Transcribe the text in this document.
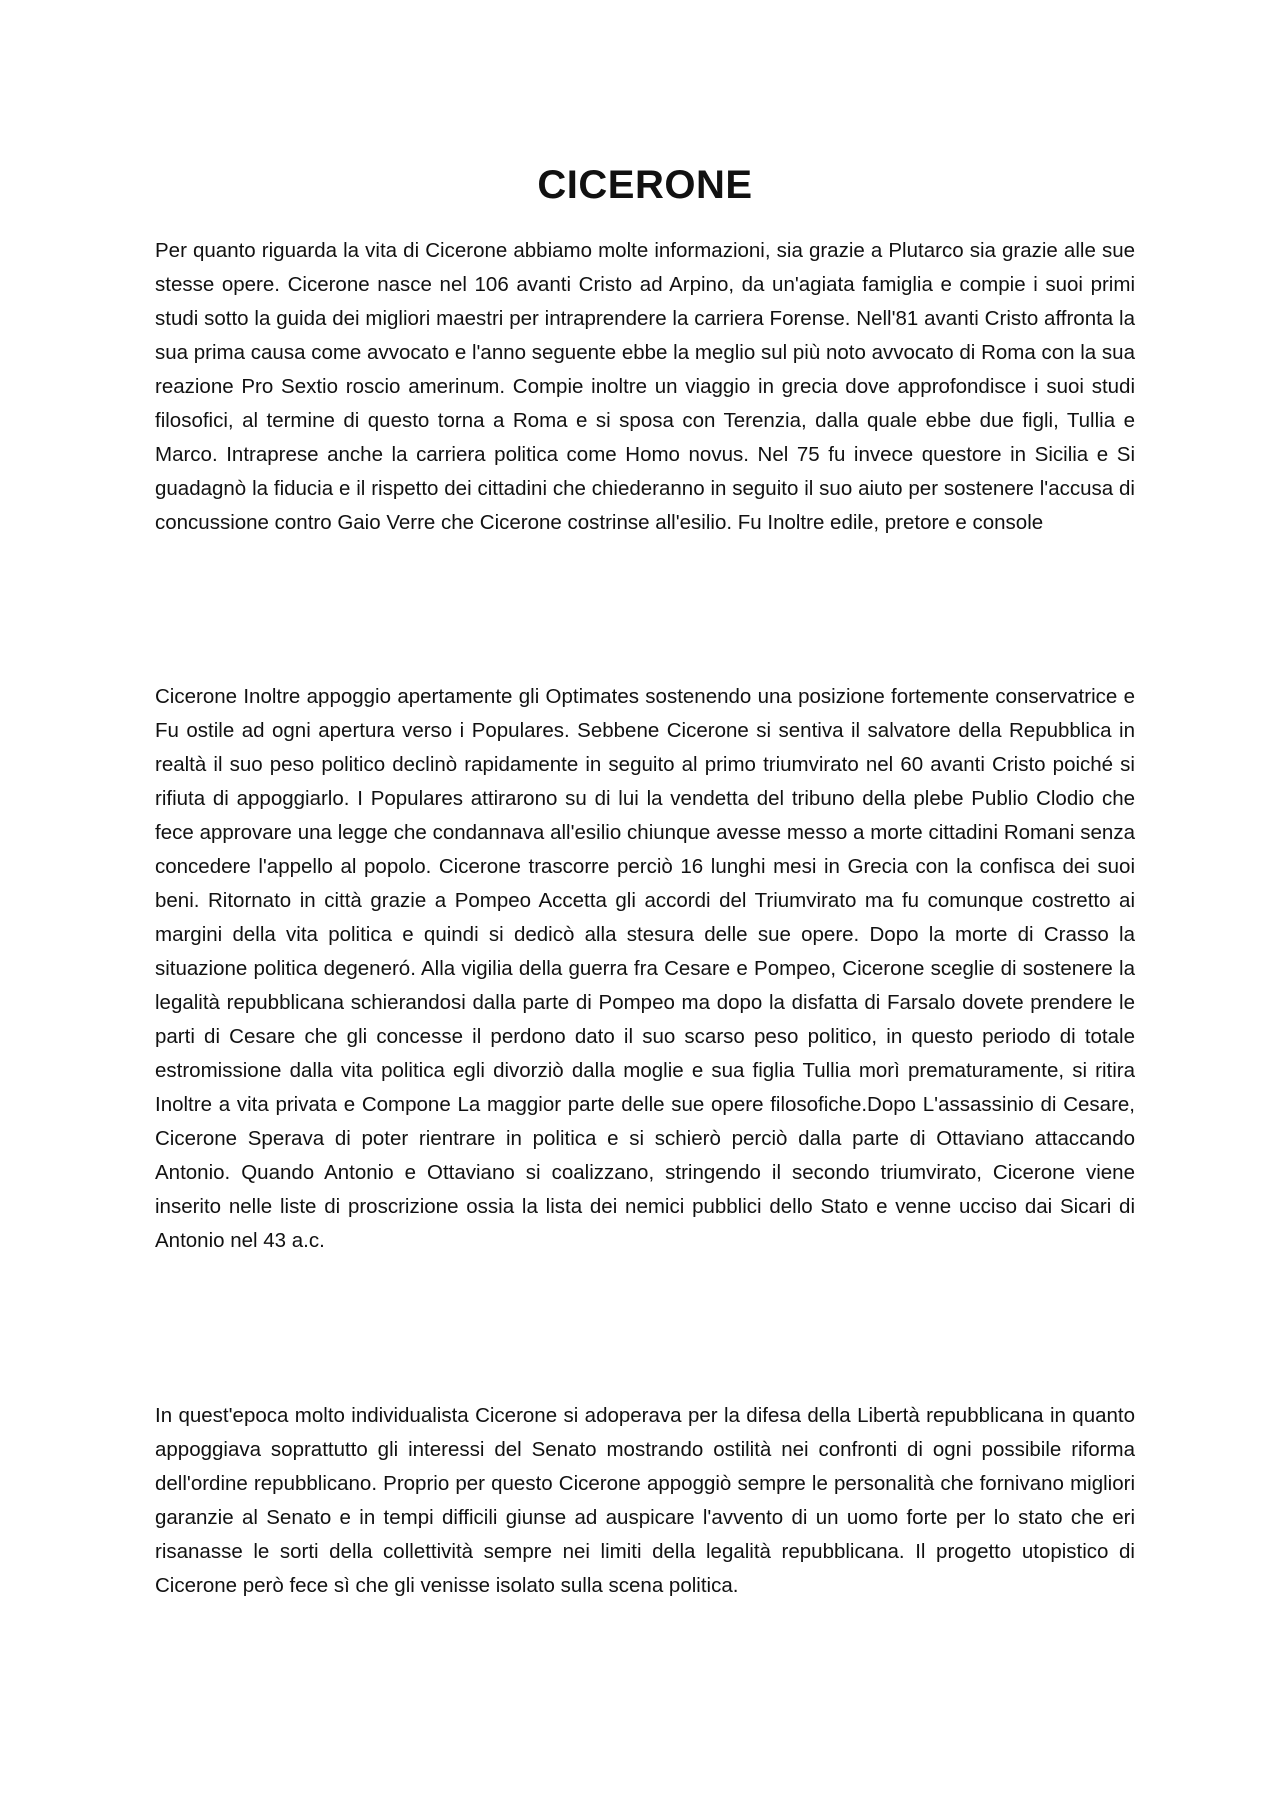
CICERONE

Per quanto riguarda la vita di Cicerone abbiamo molte informazioni, sia grazie a Plutarco sia grazie alle sue stesse opere. Cicerone nasce nel 106 avanti Cristo ad Arpino, da un'agiata famiglia e compie i suoi primi studi sotto la guida dei migliori maestri per intraprendere la carriera Forense. Nell'81 avanti Cristo affronta la sua prima causa come avvocato e l'anno seguente ebbe la meglio sul più noto avvocato di Roma con la sua reazione Pro Sextio roscio amerinum. Compie inoltre un viaggio in grecia dove approfondisce i suoi studi filosofici, al termine di questo torna a Roma e si sposa con Terenzia, dalla quale ebbe due figli, Tullia e Marco. Intraprese anche la carriera politica come Homo novus. Nel 75 fu invece questore in Sicilia e Si guadagnò la fiducia e il rispetto dei cittadini che chiederanno in seguito il suo aiuto per sostenere l'accusa di concussione contro Gaio Verre che Cicerone costrinse all'esilio. Fu Inoltre edile, pretore e console

Cicerone Inoltre appoggio apertamente gli Optimates sostenendo una posizione fortemente conservatrice e Fu ostile ad ogni apertura verso i Populares. Sebbene Cicerone si sentiva il salvatore della Repubblica in realtà il suo peso politico declinò rapidamente in seguito al primo triumvirato nel 60 avanti Cristo poiché si rifiuta di appoggiarlo. I Populares attirarono su di lui la vendetta del tribuno della plebe Publio Clodio che fece approvare una legge che condannava all'esilio chiunque avesse messo a morte cittadini Romani senza concedere l'appello al popolo. Cicerone trascorre perciò 16 lunghi mesi in Grecia con la confisca dei suoi beni. Ritornato in città grazie a Pompeo Accetta gli accordi del Triumvirato ma fu comunque costretto ai margini della vita politica e quindi si dedicò alla stesura delle sue opere. Dopo la morte di Crasso la situazione politica degeneró. Alla vigilia della guerra fra Cesare e Pompeo, Cicerone sceglie di sostenere la legalità repubblicana schierandosi dalla parte di Pompeo ma dopo la disfatta di Farsalo dovete prendere le parti di Cesare che gli concesse il perdono dato il suo scarso peso politico, in questo periodo di totale estromissione dalla vita politica egli divorziò dalla moglie e sua figlia Tullia morì prematuramente, si ritira Inoltre a vita privata e Compone La maggior parte delle sue opere filosofiche.Dopo L'assassinio di Cesare, Cicerone Sperava di poter rientrare in politica e si schierò perciò dalla parte di Ottaviano attaccando Antonio. Quando Antonio e Ottaviano si coalizzano, stringendo il secondo triumvirato, Cicerone viene inserito nelle liste di proscrizione ossia la lista dei nemici pubblici dello Stato e venne ucciso dai Sicari di Antonio nel 43 a.c.

In quest'epoca molto individualista Cicerone si adoperava per la difesa della Libertà repubblicana in quanto appoggiava soprattutto gli interessi del Senato mostrando ostilità nei confronti di ogni possibile riforma dell'ordine repubblicano. Proprio per questo Cicerone appoggiò sempre le personalità che fornivano migliori garanzie al Senato e in tempi difficili giunse ad auspicare l'avvento di un uomo forte per lo stato che eri risanasse le sorti della collettività sempre nei limiti della legalità repubblicana. Il progetto utopistico di Cicerone però fece sì che gli venisse isolato sulla scena politica.
